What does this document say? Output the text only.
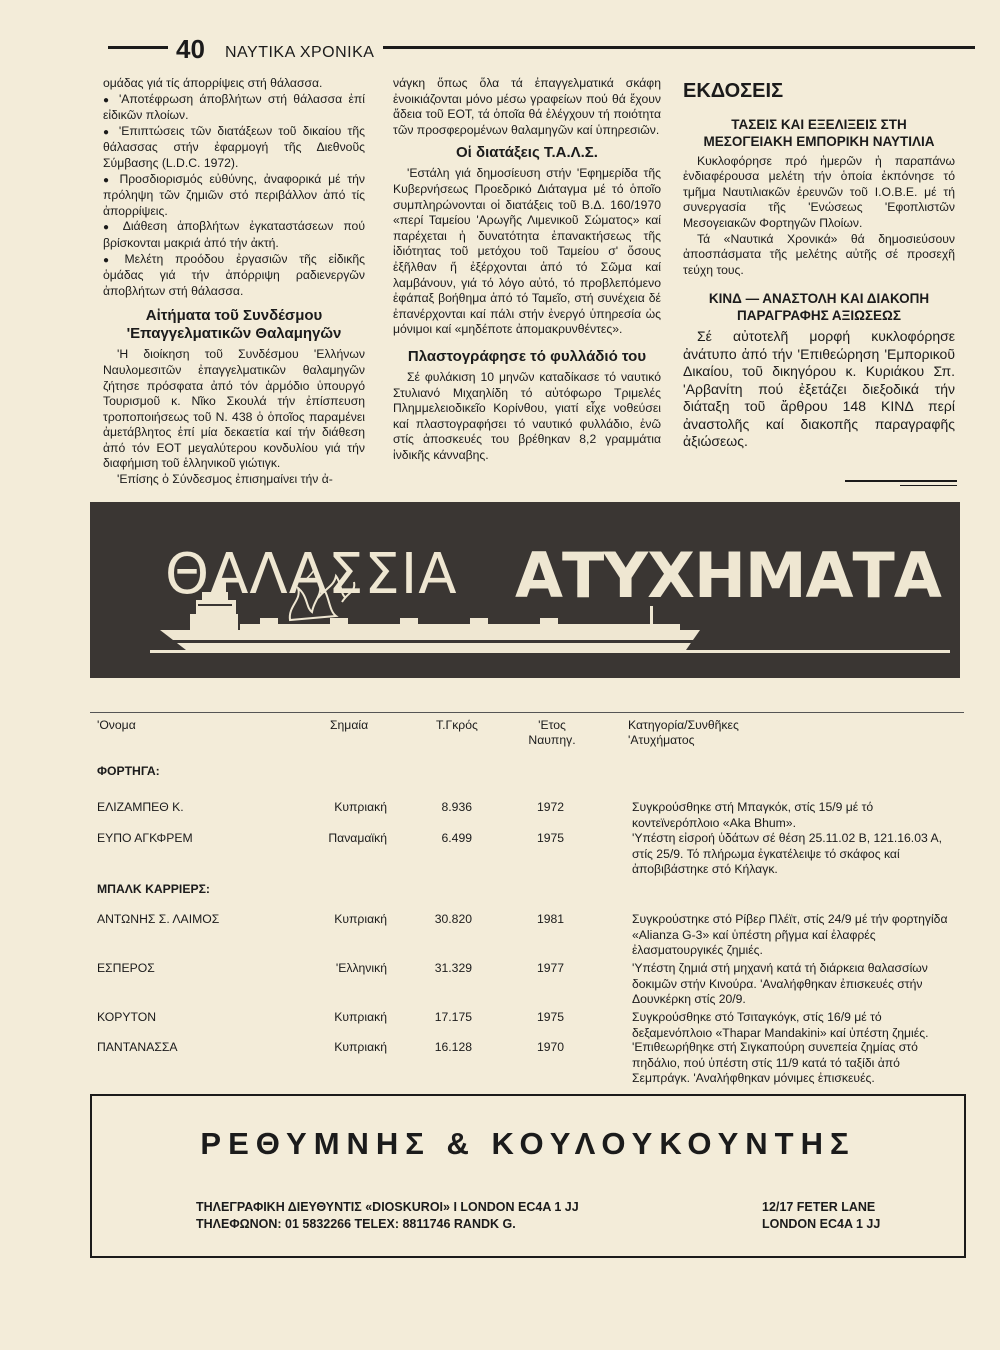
40 ΝΑΥΤΙΚΑ ΧΡΟΝΙΚΑ

ομάδας γιά τίς άπορρίψεις στή θάλασσα.

● 'Αποτέφρωση άποβλήτων στή θάλασσα ἐπί εἰδικῶν πλοίων.

● 'Επιπτώσεις τῶν διατάξεων τοῦ δικαίου τῆς θάλασσας στήν ἐφαρμογή τῆς Διεθνοῦς Σύμβασης (L.D.C. 1972).

● Προσδιορισμός εὐθύνης, ἀναφορικά μέ τήν πρόληψη τῶν ζημιῶν στό περιβάλλον ἀπό τίς ἀπορρίψεις.

● Διάθεση ἀποβλήτων ἐγκαταστάσεων πού βρίσκονται μακριά ἀπό τήν ἀκτή.

● Μελέτη προόδου ἐργασιῶν τῆς εἰδικῆς ὁμάδας γιά τήν ἀπόρριψη ραδιενεργῶν ἀποβλήτων στή θάλασσα.

Αἰτήματα τοῦ Συνδέσμου
'Επαγγελματικῶν Θαλαμηγῶν

'Η διοίκηση τοῦ Συνδέσμου 'Ελλήνων Ναυλομεσιτῶν ἐπαγγελματικῶν θαλαμηγῶν ζήτησε πρόσφατα ἀπό τόν ἁρμόδιο ὑπουργό Τουρισμοῦ κ. Νῖκο Σκουλά τήν ἐπίσπευση τροποποιήσεως τοῦ Ν. 438 ὁ ὁποῖος παραμένει ἀμετάβλητος ἐπί μία δεκαετία καί τήν διάθεση ἀπό τόν ΕΟΤ μεγαλύτερου κονδυλίου γιά τήν διαφήμιση τοῦ ἑλληνικοῦ γιώτιγκ.

'Επίσης ὁ Σύνδεσμος ἐπισημαίνει τήν ἀ-

νάγκη ὅπως ὅλα τά ἐπαγγελματικά σκάφη ἐνοικιάζονται μόνο μέσω γραφείων πού θά ἔχουν ἄδεια τοῦ ΕΟΤ, τά ὁποῖα θά ἐλέγχουν τή ποιότητα τῶν προσφερομένων θαλαμηγῶν καί ὑπηρεσιῶν.

Οἱ διατάξεις Τ.Α.Λ.Σ.

'Εστάλη γιά δημοσίευση στήν 'Εφημερίδα τῆς Κυβερνήσεως Προεδρικό Διάταγμα μέ τό ὁποῖο συμπληρώνονται οἱ διατάξεις τοῦ Β.Δ. 160/1970 «περί Ταμείου 'Αρωγῆς Λιμενικοῦ Σώματος» καί παρέχεται ἡ δυνατότητα ἐπανακτήσεως τῆς ἰδιότητας τοῦ μετόχου τοῦ Ταμείου σ' ὅσους ἐξῆλθαν ἤ ἐξέρχονται ἀπό τό Σῶμα καί λαμβάνουν, γιά τό λόγο αὐτό, τό προβλεπόμενο ἐφάπαξ βοήθημα ἀπό τό Ταμεῖο, στή συνέχεια δέ ἐπανέρχονται καί πάλι στήν ἐνεργό ὑπηρεσία ὡς μόνιμοι καί «μηδέποτε ἀπομακρυνθέντες».

Πλαστογράφησε τό φυλλάδιό του

Σέ φυλάκιση 10 μηνῶν καταδίκασε τό ναυτικό Στυλιανό Μιχαηλίδη τό αὐτόφωρο Τριμελές Πλημμελειοδικεῖο Κορίνθου, γιατί εἶχε νοθεύσει καί πλαστογραφήσει τό ναυτικό φυλλάδιο, ἐνῶ στίς ἀποσκευές του βρέθηκαν 8,2 γραμμάτια ἰνδικῆς κάνναβης.

ΕΚΔΟΣΕΙΣ
ΤΑΣΕΙΣ ΚΑΙ ΕΞΕΛΙΞΕΙΣ ΣΤΗ
ΜΕΣΟΓΕΙΑΚΗ ΕΜΠΟΡΙΚΗ ΝΑΥΤΙΛΙΑ

Κυκλοφόρησε πρό ἡμερῶν ἡ παραπάνω ἐνδιαφέρουσα μελέτη τήν ὁποία ἐκπόνησε τό τμῆμα Ναυτιλιακῶν ἐρευνῶν τοῦ Ι.Ο.Β.Ε. μέ τή συνεργασία τῆς 'Ενώσεως 'Εφοπλιστῶν Μεσογειακῶν Φορτηγῶν Πλοίων.

Τά «Ναυτικά Χρονικά» θά δημοσιεύσουν ἀποσπάσματα τῆς μελέτης αὐτῆς σέ προσεχῆ τεύχη τους.

ΚΙΝΔ — ΑΝΑΣΤΟΛΗ ΚΑΙ ΔΙΑΚΟΠΗ
ΠΑΡΑΓΡΑΦΗΣ ΑΞΙΩΣΕΩΣ

Σέ αὐτοτελῆ μορφή κυκλοφόρησε ἀνάτυπο ἀπό τήν 'Επιθεώρηση 'Εμπορικοῦ Δικαίου, τοῦ δικηγόρου κ. Κυριάκου Σπ. 'Αρβανίτη πού ἐξετάζει διεξοδικά τήν διάταξη τοῦ ἄρθρου 148 ΚΙΝΔ περί ἀναστολῆς καί διακοπῆς παραγραφῆς ἀξιώσεως.

ΘΑΛΑΣΣΙΑ ΑΤΥΧΗΜΑΤΑ
'Ονομα	Σημαία	Τ.Γκρός	'Ετος
Ναυπηγ.
Κατηγορία/Συνθῆκες
'Ατυχήματος
ΦΟΡΤΗΓΑ:
ΕΛΙΖΑΜΠΕΘ Κ.	Κυπριακή	8.936	1972	Συγκρούσθηκε στή Μπαγκόκ, στίς 15/9 μέ τό κοντεϊνερόπλοιο «Aka Bhum».
ΕΥΠΟ ΑΓΚΦΡΕΜ	Παναμαϊκή	6.499	1975	'Υπέστη εἰσροή ὑδάτων σέ θέση 25.11.02 Β, 121.16.03 Α, στίς 25/9. Τό πλήρωμα ἐγκατέλειψε τό σκάφος καί ἀποβιβάστηκε στό Κήλαγκ.
ΜΠΑΛΚ ΚΑΡΡΙΕΡΣ:
ΑΝΤΩΝΗΣ Σ. ΛΑΙΜΟΣ	Κυπριακή	30.820	1981	Συγκρούστηκε στό Ρίβερ Πλέϊτ, στίς 24/9 μέ τήν φορτηγίδα «Alianza G-3» καί ὑπέστη ρῆγμα καί ἐλαφρές ἐλασματουργικές ζημιές.
ΕΣΠΕΡΟΣ	'Ελληνική	31.329	1977	'Υπέστη ζημιά στή μηχανή κατά τή διάρκεια θαλασσίων δοκιμῶν στήν Κινούρα. 'Αναλήφθηκαν ἐπισκευές στήν Δουνκέρκη στίς 20/9.
ΚΟΡΥΤΟΝ	Κυπριακή	17.175	1975	Συγκρούσθηκε στό Τσιταγκόγκ, στίς 16/9 μέ τό δεξαμενόπλοιο «Thapar Mandakini» καί ὑπέστη ζημιές.
ΠΑΝΤΑΝΑΣΣΑ	Κυπριακή	16.128	1970	'Επιθεωρήθηκε στή Σιγκαπούρη συνεπεία ζημίας στό πηδάλιο, πού ὑπέστη στίς 11/9 κατά τό ταξίδι ἀπό Σεμπράγκ. 'Αναλήφθηκαν μόνιμες ἐπισκευές.
ΡΕΘΥΜΝΗΣ & ΚΟΥΛΟΥΚΟΥΝΤΗΣ
ΤΗΛΕΓΡΑΦΙΚΗ ΔΙΕΥΘΥΝΤΙΣ «DIOSKUROI» Ι LONDON EC4A 1 JJ
ΤΗΛΕΦΩΝΟΝ: 01 5832266 TELEX: 8811746 RANDK G.
12/17 FETER LANE
LONDON EC4A 1 JJ
